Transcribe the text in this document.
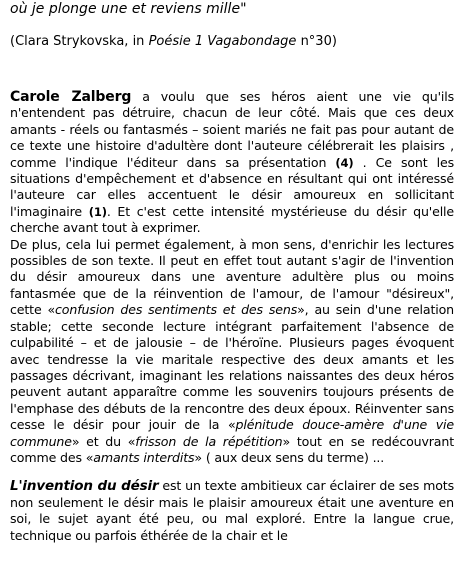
où je plonge une et reviens mille"

(Clara Strykovska, in Poésie 1 Vagabondage n°30)

Carole Zalberg a voulu que ses héros aient une vie qu'ils n'entendent pas détruire, chacun de leur côté. Mais que ces deux amants - réels ou fantasmés – soient mariés ne fait pas pour autant de ce texte une histoire d'adultère dont l'auteure célébrerait les plaisirs , comme l'indique l'éditeur dans sa présentation (4) . Ce sont les situations d'empêchement et d'absence en résultant qui ont intéressé l'auteure car elles accentuent le désir amoureux en sollicitant l'imaginaire (1). Et c'est cette intensité mystérieuse du désir qu'elle cherche avant tout à exprimer.

De plus, cela lui permet également, à mon sens, d'enrichir les lectures possibles de son texte. Il peut en effet tout autant s'agir de l'invention du désir amoureux dans une aventure adultère plus ou moins fantasmée que de la réinvention de l'amour, de l'amour "désireux", cette «confusion des sentiments et des sens», au sein d'une relation stable; cette seconde lecture intégrant parfaitement l'absence de culpabilité – et de jalousie – de l'héroïne. Plusieurs pages évoquent avec tendresse la vie maritale respective des deux amants et les passages décrivant, imaginant les relations naissantes des deux héros peuvent autant apparaître comme les souvenirs toujours présents de l'emphase des débuts de la rencontre des deux époux. Réinventer sans cesse le désir pour jouir de la «plénitude douce-amère d'une vie commune» et du «frisson de la répétition» tout en se redécouvrant comme des «amants interdits» ( aux deux sens du terme) ...

L'invention du désir est un texte ambitieux car éclairer de ses mots non seulement le désir mais le plaisir amoureux était une aventure en soi, le sujet ayant été peu, ou mal exploré. Entre la langue crue, technique ou parfois éthérée de la chair et le
